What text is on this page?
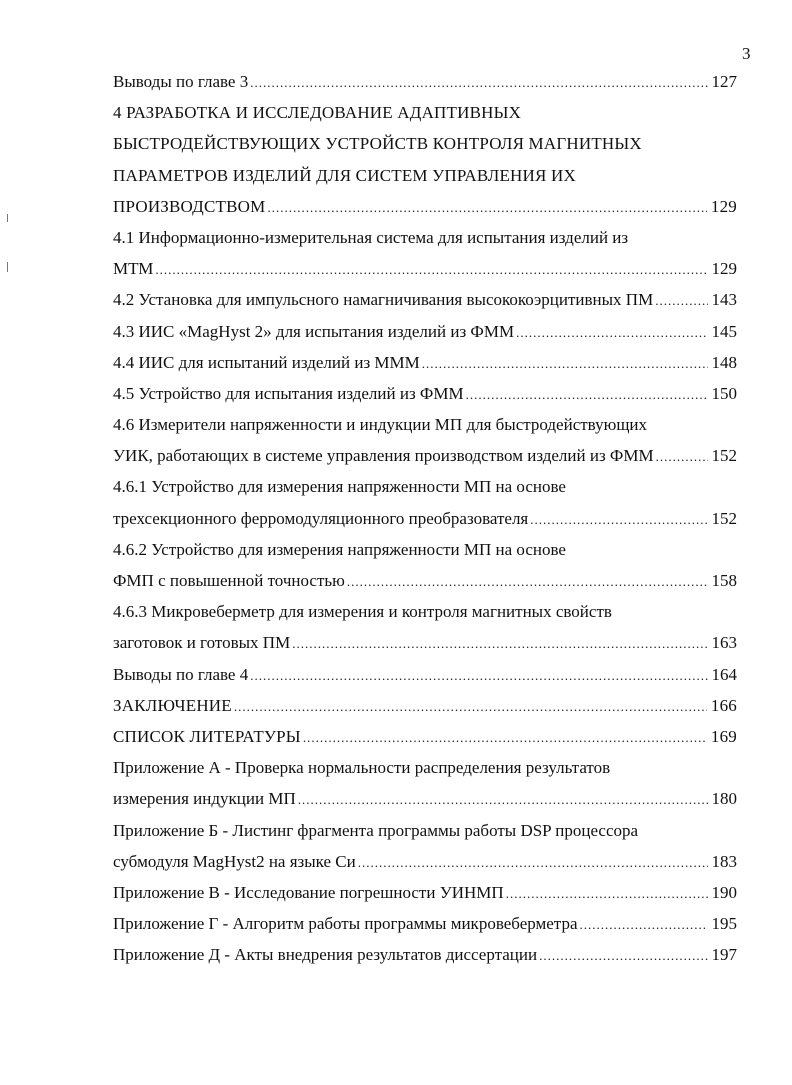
3
Выводы по главе 3 .....	127
4 РАЗРАБОТКА И ИССЛЕДОВАНИЕ АДАПТИВНЫХ
БЫСТРОДЕЙСТВУЮЩИХ УСТРОЙСТВ КОНТРОЛЯ МАГНИТНЫХ
ПАРАМЕТРОВ ИЗДЕЛИЙ ДЛЯ СИСТЕМ УПРАВЛЕНИЯ ИХ
ПРОИЗВОДСТВОМ .....	129
4.1 Информационно-измерительная система для испытания изделий из
МТМ .....	129
4.2 Установка для импульсного намагничивания высококоэрцитивных ПМ .....	143
4.3 ИИС «MagHyst 2» для испытания изделий из ФММ .....	145
4.4 ИИС для испытаний изделий из МММ .....	148
4.5 Устройство для испытания изделий из ФММ .....	150
4.6 Измерители напряженности и индукции МП для быстродействующих
УИК, работающих в системе управления производством изделий из ФММ .....	152
4.6.1 Устройство для измерения напряженности МП на основе
трехсекционного ферромодуляционного преобразователя .....	152
4.6.2 Устройство для измерения напряженности МП на основе
ФМП с повышенной точностью .....	158
4.6.3 Микровеберметр для измерения и контроля магнитных свойств
заготовок и готовых ПМ .....	163
Выводы по главе 4 .....	164
ЗАКЛЮЧЕНИЕ .....	166
СПИСОК ЛИТЕРАТУРЫ .....	169
Приложение А - Проверка нормальности распределения результатов
измерения индукции МП .....	180
Приложение Б - Листинг фрагмента программы работы DSP процессора
субмодуля MagHyst2 на языке Си .....	183
Приложение В - Исследование погрешности УИНМП .....	190
Приложение Г - Алгоритм работы программы микровеберметра .....	195
Приложение Д - Акты внедрения результатов диссертации .....	197
